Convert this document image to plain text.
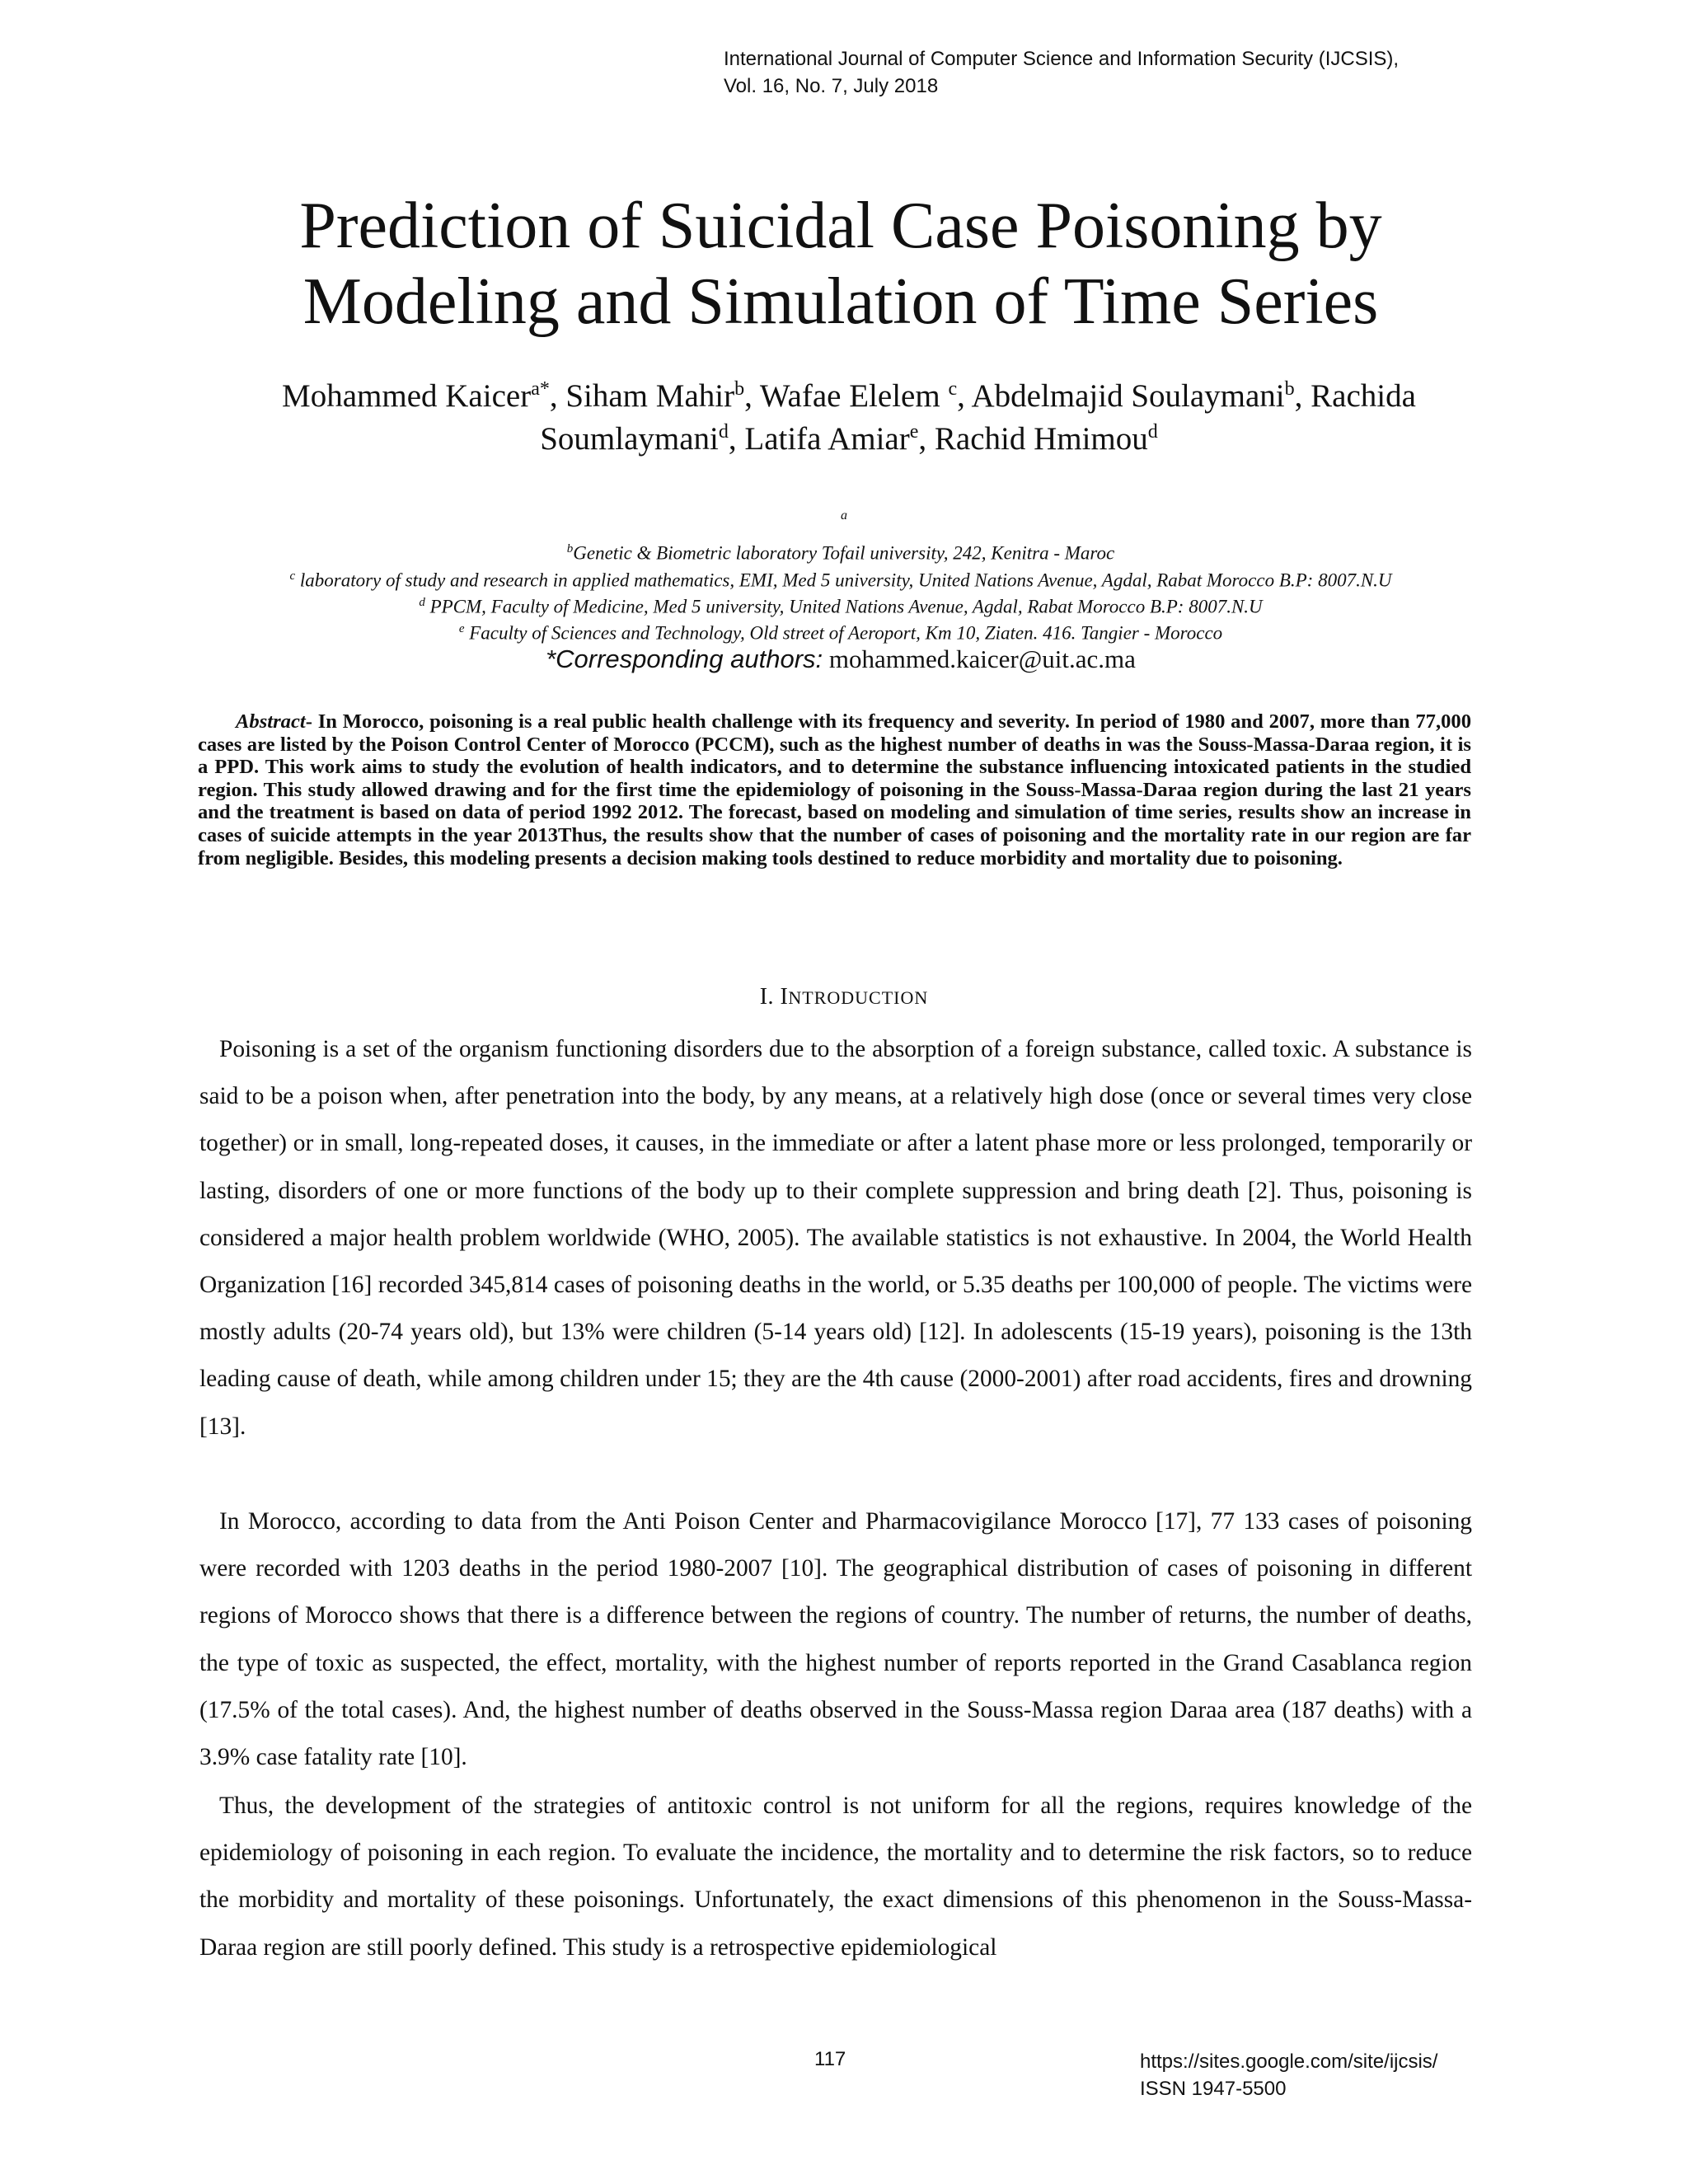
International Journal of Computer Science and Information Security (IJCSIS),
Vol. 16, No. 7, July 2018
Prediction of Suicidal Case Poisoning by
Modeling and Simulation of Time Series
Mohammed Kaicer$^{a*}$, Siham Mahir$^b$, Wafae Elelem $^c$, Abdelmajid Soulaymani$^b$, Rachida Soumlaymani$^d$, Latifa Amiar$^e$, Rachid Hmimou$^d$
a
$^b$Genetic & Biometric laboratory Tofail university, 242, Kenitra - Maroc
$^c$ laboratory of study and research in applied mathematics, EMI, Med 5 university, United Nations Avenue, Agdal, Rabat Morocco B.P: 8007.N.U
$^d$ PPCM, Faculty of Medicine, Med 5 university, United Nations Avenue, Agdal, Rabat Morocco B.P: 8007.N.U
$^e$ Faculty of Sciences and Technology, Old street of Aeroport, Km 10, Ziaten. 416. Tangier - Morocco
*Corresponding authors: mohammed.kaicer@uit.ac.ma

Abstract- In Morocco, poisoning is a real public health challenge with its frequency and severity. In period of 1980 and 2007, more than 77,000 cases are listed by the Poison Control Center of Morocco (PCCM), such as the highest number of deaths in was the Souss-Massa-Daraa region, it is a PPD. This work aims to study the evolution of health indicators, and to determine the substance influencing intoxicated patients in the studied region. This study allowed drawing and for the first time the epidemiology of poisoning in the Souss-Massa-Daraa region during the last 21 years and the treatment is based on data of period 1992 2012. The forecast, based on modeling and simulation of time series, results show an increase in cases of suicide attempts in the year 2013Thus, the results show that the number of cases of poisoning and the mortality rate in our region are far from negligible. Besides, this modeling presents a decision making tools destined to reduce morbidity and mortality due to poisoning.

I. INTRODUCTION

Poisoning is a set of the organism functioning disorders due to the absorption of a foreign substance, called toxic. A substance is said to be a poison when, after penetration into the body, by any means, at a relatively high dose (once or several times very close together) or in small, long-repeated doses, it causes, in the immediate or after a latent phase more or less prolonged, temporarily or lasting, disorders of one or more functions of the body up to their complete suppression and bring death [2]. Thus, poisoning is considered a major health problem worldwide (WHO, 2005). The available statistics is not exhaustive. In 2004, the World Health Organization [16] recorded 345,814 cases of poisoning deaths in the world, or 5.35 deaths per 100,000 of people. The victims were mostly adults (20-74 years old), but 13% were children (5-14 years old) [12]. In adolescents (15-19 years), poisoning is the 13th leading cause of death, while among children under 15; they are the 4th cause (2000-2001) after road accidents, fires and drowning [13].

In Morocco, according to data from the Anti Poison Center and Pharmacovigilance Morocco [17], 77 133 cases of poisoning were recorded with 1203 deaths in the period 1980-2007 [10]. The geographical distribution of cases of poisoning in different regions of Morocco shows that there is a difference between the regions of country. The number of returns, the number of deaths, the type of toxic as suspected, the effect, mortality, with the highest number of reports reported in the Grand Casablanca region (17.5% of the total cases). And, the highest number of deaths observed in the Souss-Massa region Daraa area (187 deaths) with a 3.9% case fatality rate [10].

Thus, the development of the strategies of antitoxic control is not uniform for all the regions, requires knowledge of the epidemiology of poisoning in each region. To evaluate the incidence, the mortality and to determine the risk factors, so to reduce the morbidity and mortality of these poisonings. Unfortunately, the exact dimensions of this phenomenon in the Souss-Massa-Daraa region are still poorly defined. This study is a retrospective epidemiological

117	https://sites.google.com/site/ijcsis/
ISSN 1947-5500
